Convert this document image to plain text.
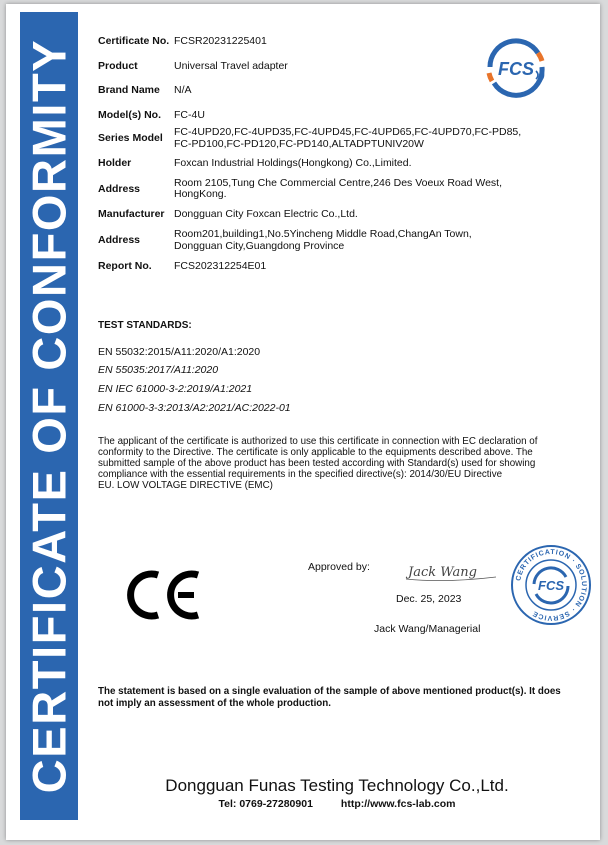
CERTIFICATE OF CONFORMITY Certificate No. FCSR20231225401
Product	Universal Travel adapter
Brand Name	N/A
Model(s) No.	FC-4U
Series Model	FC-4UPD20,FC-4UPD35,FC-4UPD45,FC-4UPD65,FC-4UPD70,FC-PD85,
FC-PD100,FC-PD120,FC-PD140,ALTADPTUNIV20W
Holder	Foxcan Industrial Holdings(Hongkong) Co.,Limited.
Address	Room 2105,Tung Che Commercial Centre,246 Des Voeux Road West,
HongKong.
Manufacturer Dongguan City Foxcan Electric Co.,Ltd.
Address	Room201,building1,No.5Yincheng Middle Road,ChangAn Town,
Dongguan City,Guangdong Province
Report No.	FCS202312254E01
FCS
TEST STANDARDS:
EN 55032:2015/A11:2020/A1:2020
EN 55035:2017/A11:2020
EN IEC 61000-3-2:2019/A1:2021
EN 61000-3-3:2013/A2:2021/AC:2022-01
The applicant of the certificate is authorized to use this certificate in connection with EC declaration of conformity to the Directive. The certificate is only applicable to the equipments described above. The submitted sample of the above product has been tested according with Standard(s) used for showing compliance with the essential requirements in the specified directive(s): 2014/30/EU Directive
EU. LOW VOLTAGE DIRECTIVE (EMC)
Approved by:	Jack Wang
Dec. 25, 2023
Jack Wang/Managerial
CERTIFICATION · SOLUTION · SERVICE
FCS
The statement is based on a single evaluation of the sample of above mentioned product(s). It does not imply an assessment of the whole production.
Dongguan Funas Testing Technology Co.,Ltd.
Tel: 0769-27280901	http://www.fcs-lab.com
